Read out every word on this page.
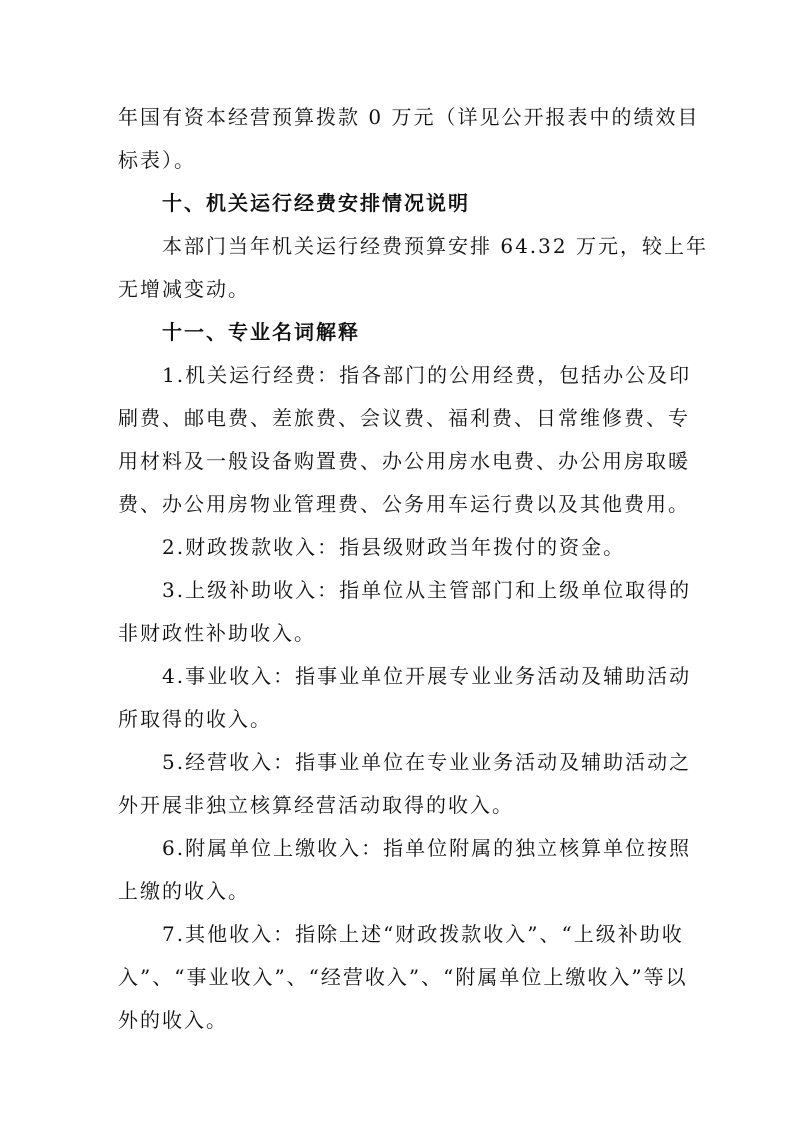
年国有资本经营预算拨款 0 万元（详见公开报表中的绩效目
标表）。
十、机关运行经费安排情况说明
本部门当年机关运行经费预算安排 64.32 万元，较上年
无增减变动。
十一、专业名词解释
1.机关运行经费：指各部门的公用经费，包括办公及印
刷费、邮电费、差旅费、会议费、福利费、日常维修费、专
用材料及一般设备购置费、办公用房水电费、办公用房取暖
费、办公用房物业管理费、公务用车运行费以及其他费用。
2.财政拨款收入：指县级财政当年拨付的资金。
3.上级补助收入：指单位从主管部门和上级单位取得的
非财政性补助收入。
4.事业收入：指事业单位开展专业业务活动及辅助活动
所取得的收入。
5.经营收入：指事业单位在专业业务活动及辅助活动之
外开展非独立核算经营活动取得的收入。
6.附属单位上缴收入：指单位附属的独立核算单位按照
上缴的收入。
7.其他收入：指除上述“财政拨款收入”、“上级补助收
入”、“事业收入”、“经营收入”、“附属单位上缴收入”等以
外的收入。
